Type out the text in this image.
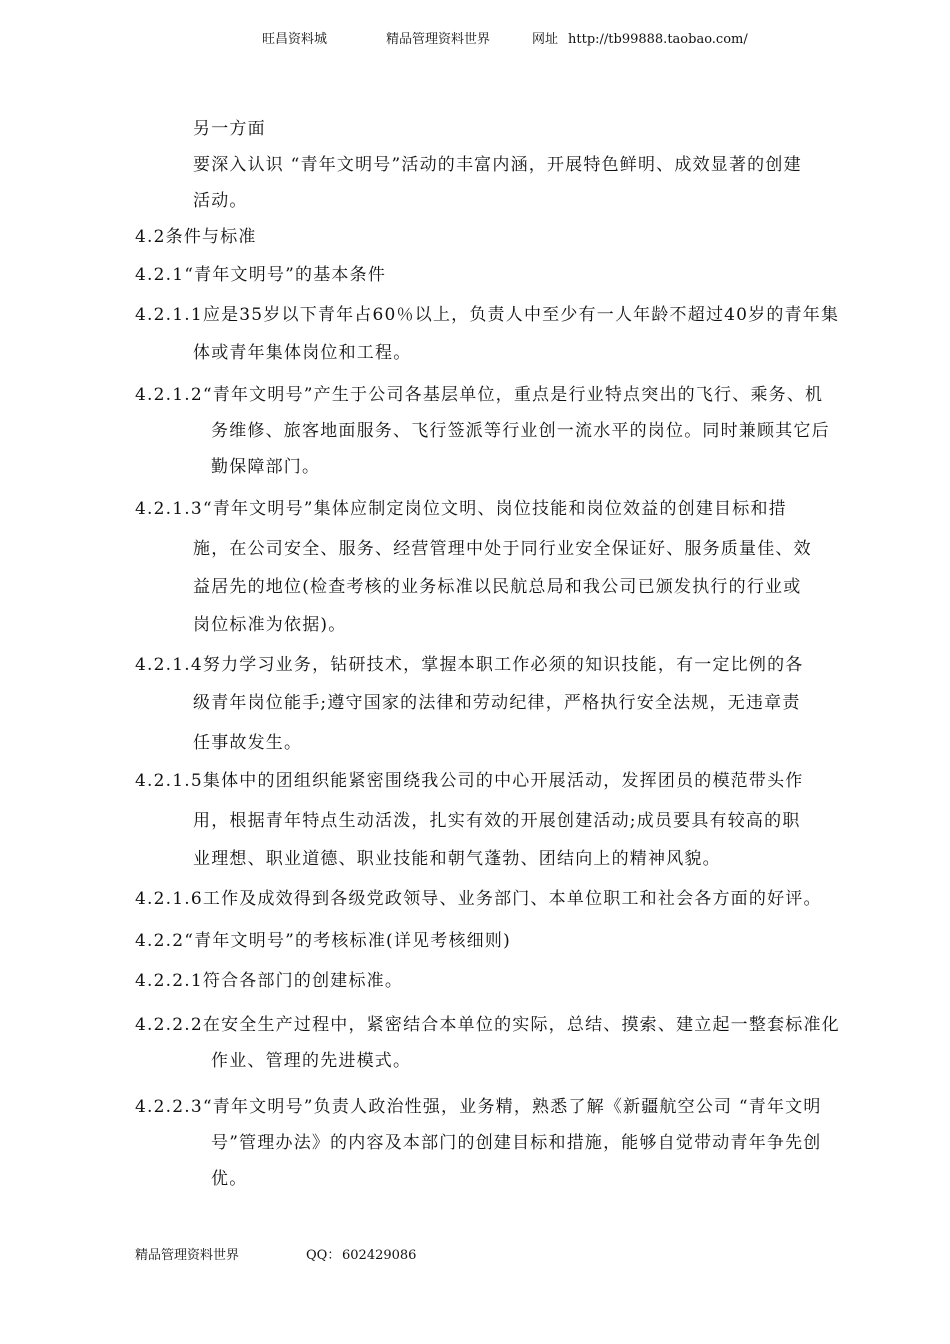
旺昌资料城	精品管理资料世界	网址 http://tb99888.taobao.com/
另一方面
要深入认识 “青年文明号”活动的丰富内涵，开展特色鲜明、成效显著的创建
活动。
4.2条件与标准
4.2.1“青年文明号”的基本条件
4.2.1.1应是35岁以下青年占60％以上，负责人中至少有一人年龄不超过40岁的青年集
体或青年集体岗位和工程。
4.2.1.2“青年文明号”产生于公司各基层单位，重点是行业特点突出的飞行、乘务、机
务维修、旅客地面服务、飞行签派等行业创一流水平的岗位。同时兼顾其它后
勤保障部门。
4.2.1.3“青年文明号”集体应制定岗位文明、岗位技能和岗位效益的创建目标和措
施，在公司安全、服务、经营管理中处于同行业安全保证好、服务质量佳、效
益居先的地位(检查考核的业务标准以民航总局和我公司已颁发执行的行业或
岗位标准为依据)。
4.2.1.4努力学习业务，钻研技术，掌握本职工作必须的知识技能，有一定比例的各
级青年岗位能手;遵守国家的法律和劳动纪律，严格执行安全法规，无违章责
任事故发生。
4.2.1.5集体中的团组织能紧密围绕我公司的中心开展活动，发挥团员的模范带头作
用，根据青年特点生动活泼，扎实有效的开展创建活动;成员要具有较高的职
业理想、职业道德、职业技能和朝气蓬勃、团结向上的精神风貌。
4.2.1.6工作及成效得到各级党政领导、业务部门、本单位职工和社会各方面的好评。
4.2.2“青年文明号”的考核标准(详见考核细则)
4.2.2.1符合各部门的创建标准。
4.2.2.2在安全生产过程中，紧密结合本单位的实际，总结、摸索、建立起一整套标准化
作业、管理的先进模式。
4.2.2.3“青年文明号”负责人政治性强，业务精，熟悉了解《新疆航空公司 “青年文明
号”管理办法》的内容及本部门的创建目标和措施，能够自觉带动青年争先创
优。
精品管理资料世界	QQ： 602429086
